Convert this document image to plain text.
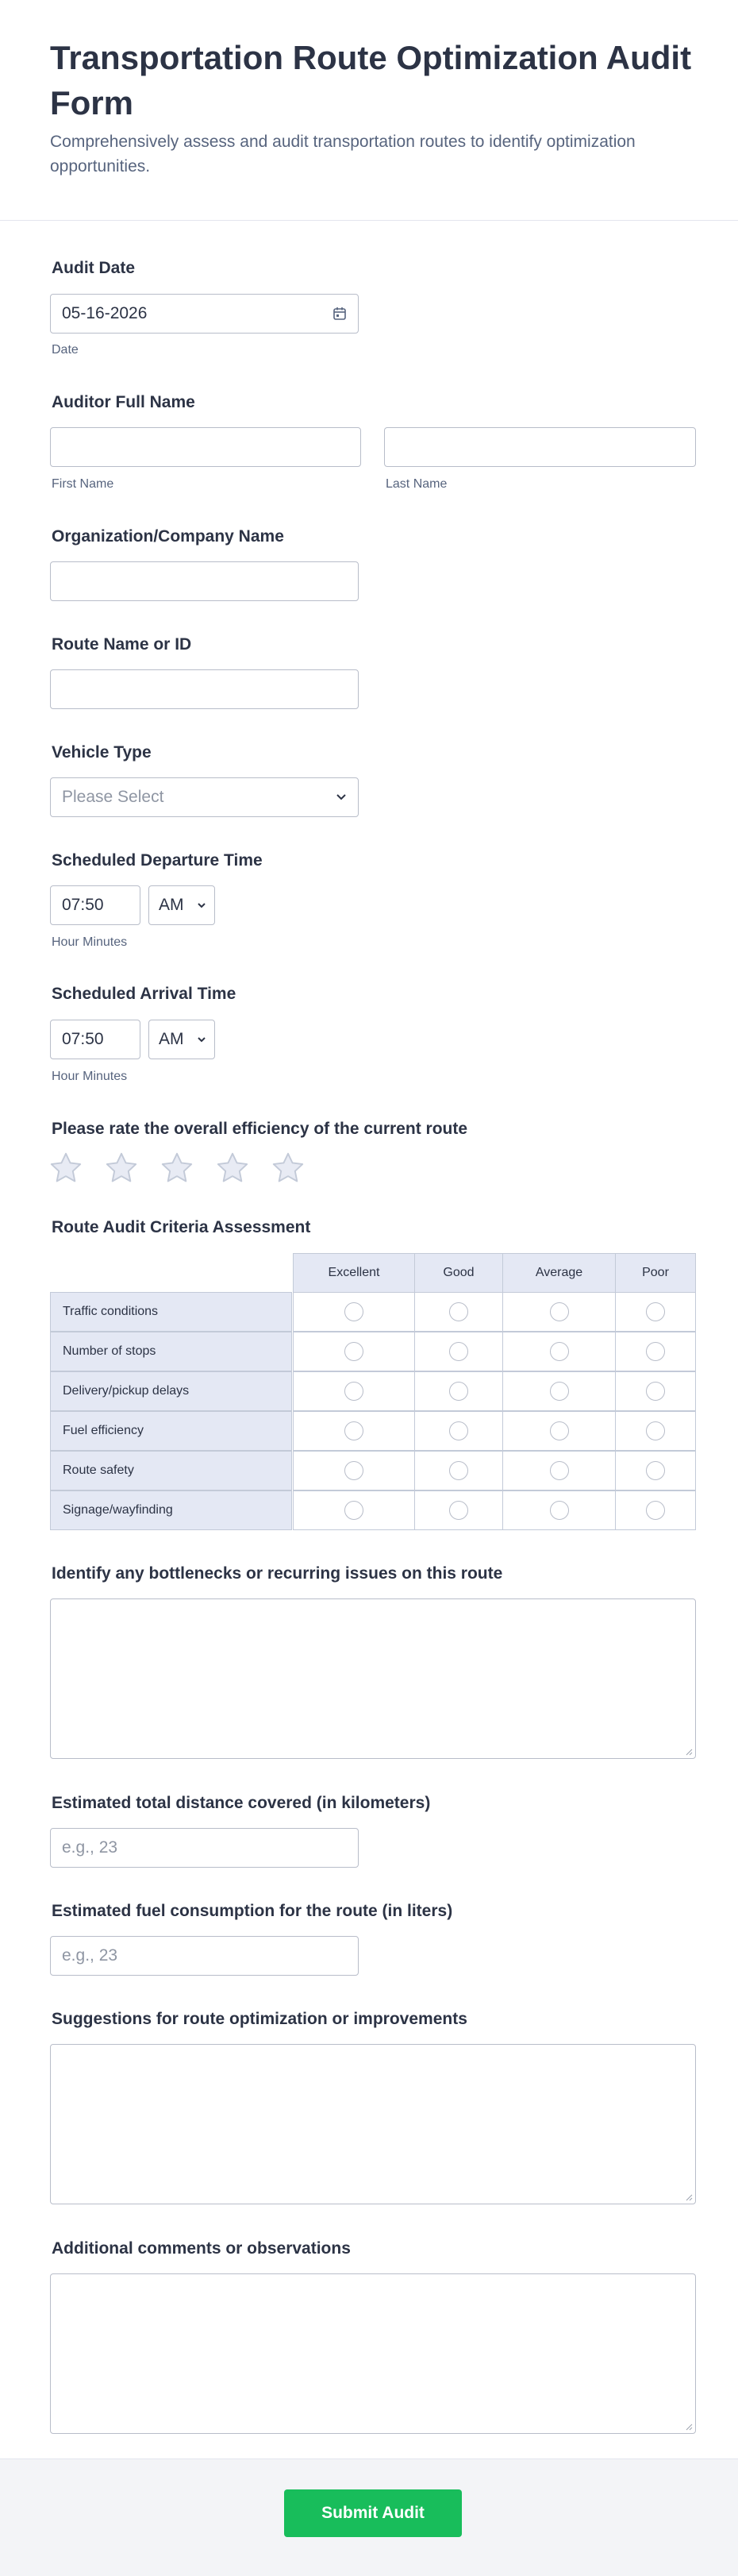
Transportation Route Optimization Audit Form

Comprehensively assess and audit transportation routes to identify optimization opportunities.

Audit Date
05-16-2026
Date
Auditor Full Name
First Name	Last Name
Organization/Company Name
Route Name or ID
Vehicle Type
Please Select
Scheduled Departure Time
07:50	AM
Hour Minutes
Scheduled Arrival Time
07:50	AM
Hour Minutes
Please rate the overall efficiency of the current route
Route Audit Criteria Assessment
Excellent	Good	Average	Poor
Traffic conditions
Number of stops
Delivery/pickup delays
Fuel efficiency
Route safety
Signage/wayfinding
Identify any bottlenecks or recurring issues on this route
Estimated total distance covered (in kilometers)
e.g., 23
Estimated fuel consumption for the route (in liters)
e.g., 23
Suggestions for route optimization or improvements
Additional comments or observations
Submit Audit
